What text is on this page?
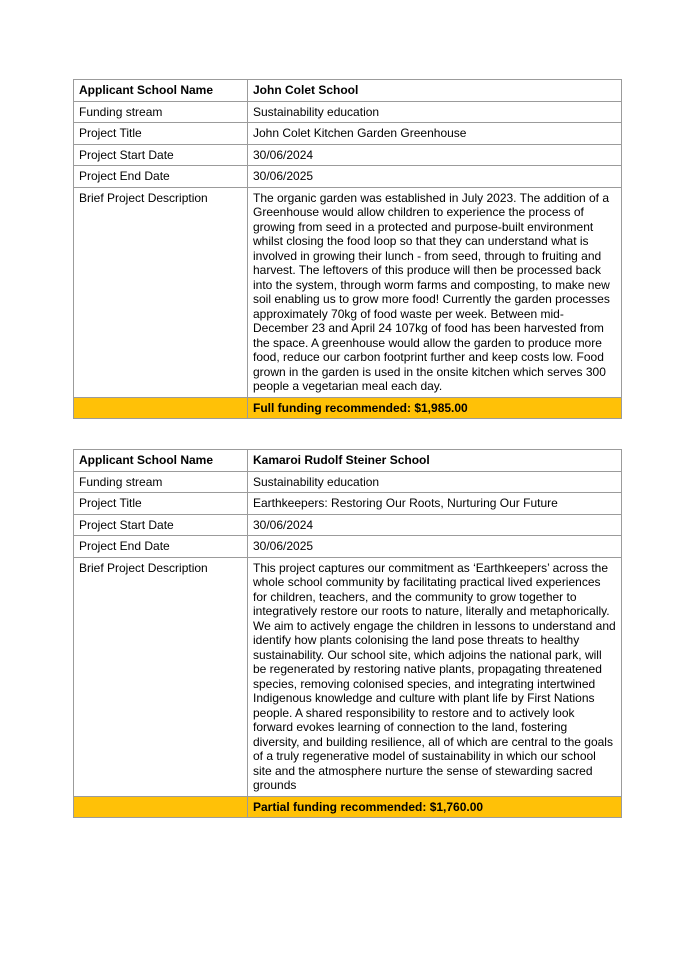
Applicant School Name	John Colet School
Funding stream	Sustainability education
Project Title	John Colet Kitchen Garden Greenhouse
Project Start Date	30/06/2024
Project End Date	30/06/2025
Brief Project Description	The organic garden was established in July 2023. The addition of a Greenhouse would allow children to experience the process of growing from seed in a protected and purpose-built environment whilst closing the food loop so that they can understand what is involved in growing their lunch - from seed, through to fruiting and harvest. The leftovers of this produce will then be processed back into the system, through worm farms and composting, to make new soil enabling us to grow more food! Currently the garden processes approximately 70kg of food waste per week. Between mid-December 23 and April 24 107kg of food has been harvested from the space. A greenhouse would allow the garden to produce more food, reduce our carbon footprint further and keep costs low. Food grown in the garden is used in the onsite kitchen which serves 300 people a vegetarian meal each day.
	Full funding recommended: $1,985.00
Applicant School Name	Kamaroi Rudolf Steiner School
Funding stream	Sustainability education
Project Title	Earthkeepers: Restoring Our Roots, Nurturing Our Future
Project Start Date	30/06/2024
Project End Date	30/06/2025
Brief Project Description	This project captures our commitment as ‘Earthkeepers’ across the whole school community by facilitating practical lived experiences for children, teachers, and the community to grow together to integratively restore our roots to nature, literally and metaphorically. We aim to actively engage the children in lessons to understand and identify how plants colonising the land pose threats to healthy sustainability. Our school site, which adjoins the national park, will be regenerated by restoring native plants, propagating threatened species, removing colonised species, and integrating intertwined Indigenous knowledge and culture with plant life by First Nations people. A shared responsibility to restore and to actively look forward evokes learning of connection to the land, fostering diversity, and building resilience, all of which are central to the goals of a truly regenerative model of sustainability in which our school site and the atmosphere nurture the sense of stewarding sacred grounds
	Partial funding recommended: $1,760.00
